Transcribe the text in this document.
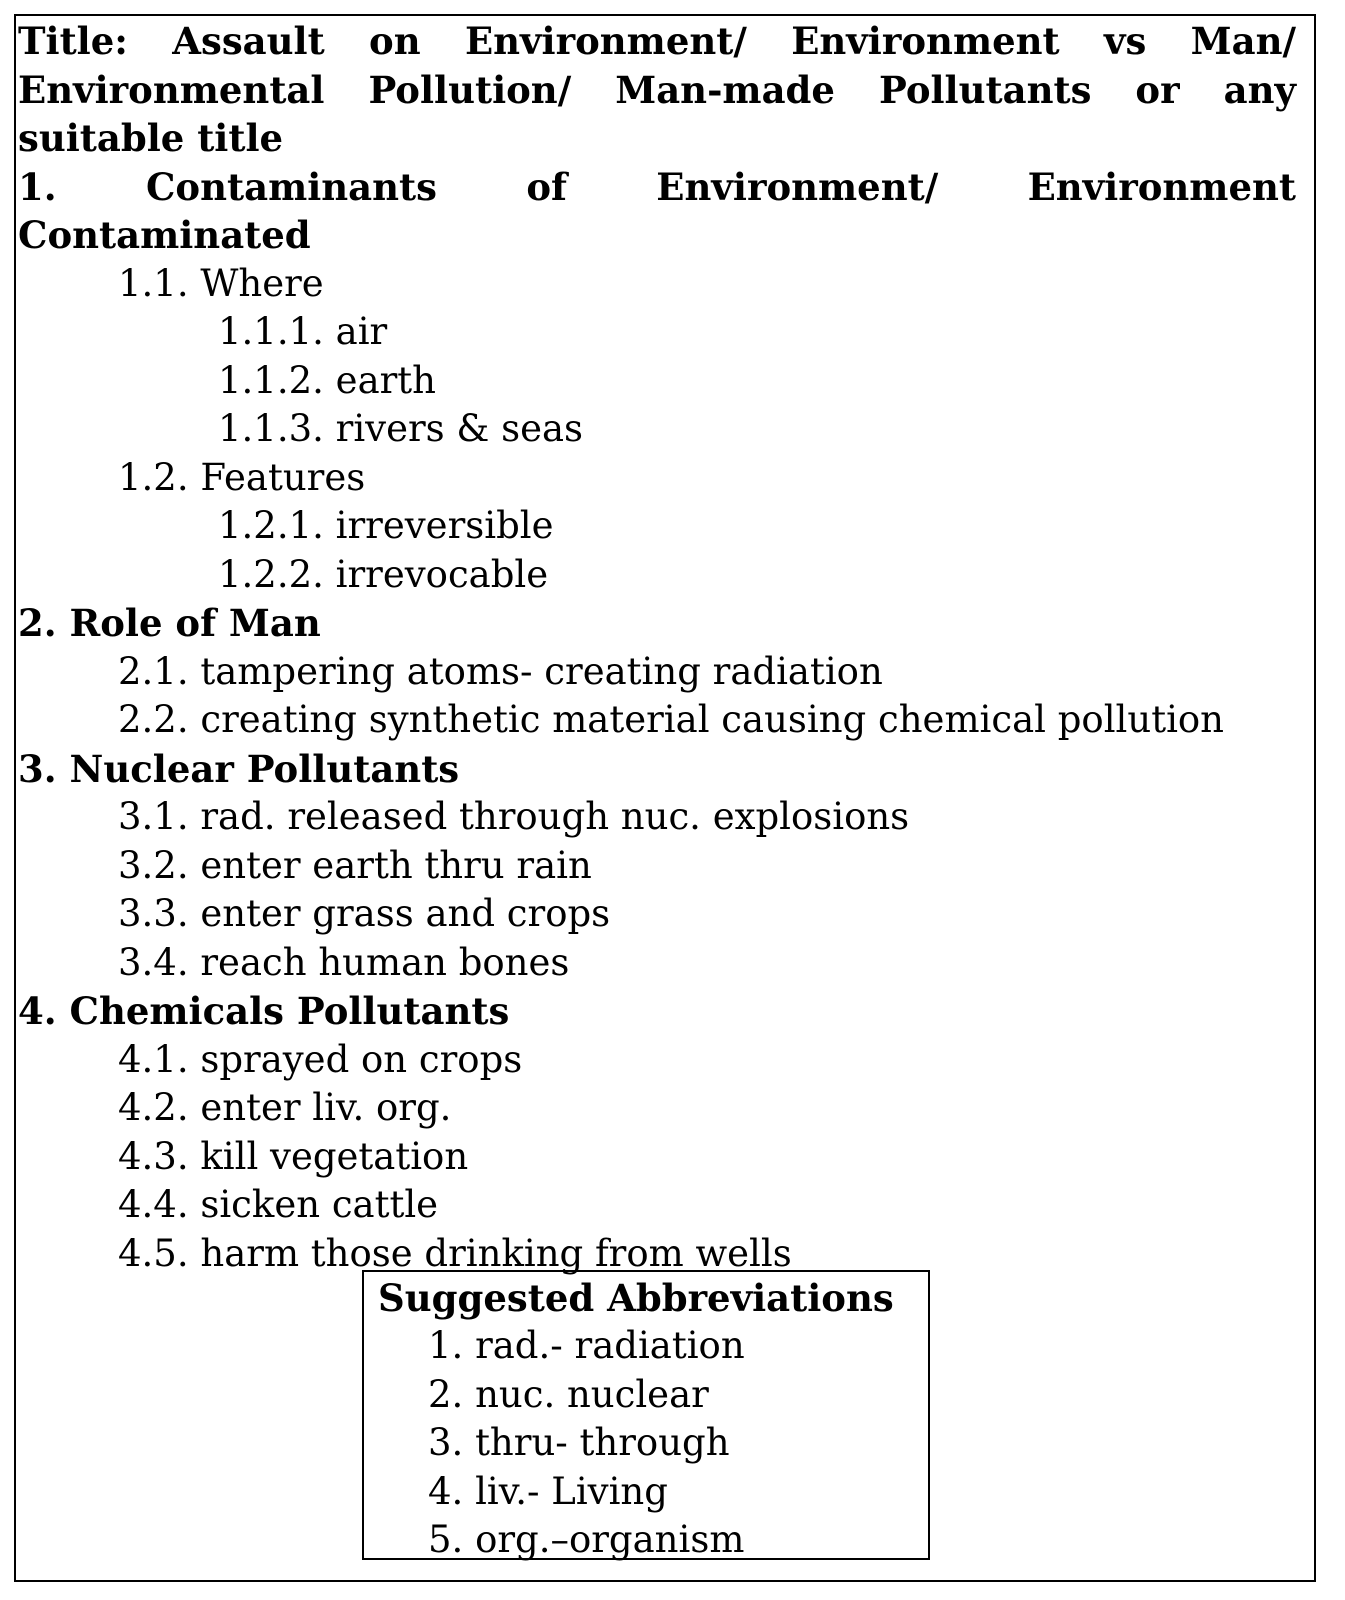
Title: Assault on Environment/ Environment vs Man/
Environmental Pollution/ Man-made Pollutants or any
suitable title
1. Contaminants of Environment/ Environment
Contaminated
1.1. Where
1.1.1. air
1.1.2. earth
1.1.3. rivers & seas
1.2. Features
1.2.1. irreversible
1.2.2. irrevocable
2. Role of Man
2.1. tampering atoms- creating radiation
2.2. creating synthetic material causing chemical pollution
3. Nuclear Pollutants
3.1. rad. released through nuc. explosions
3.2. enter earth thru rain
3.3. enter grass and crops
3.4. reach human bones
4. Chemicals Pollutants
4.1. sprayed on crops
4.2. enter liv. org.
4.3. kill vegetation
4.4. sicken cattle
4.5. harm those drinking from wells
Suggested Abbreviations
1. rad.- radiation
2. nuc. nuclear
3. thru- through
4. liv.- Living
5. org.–organism
